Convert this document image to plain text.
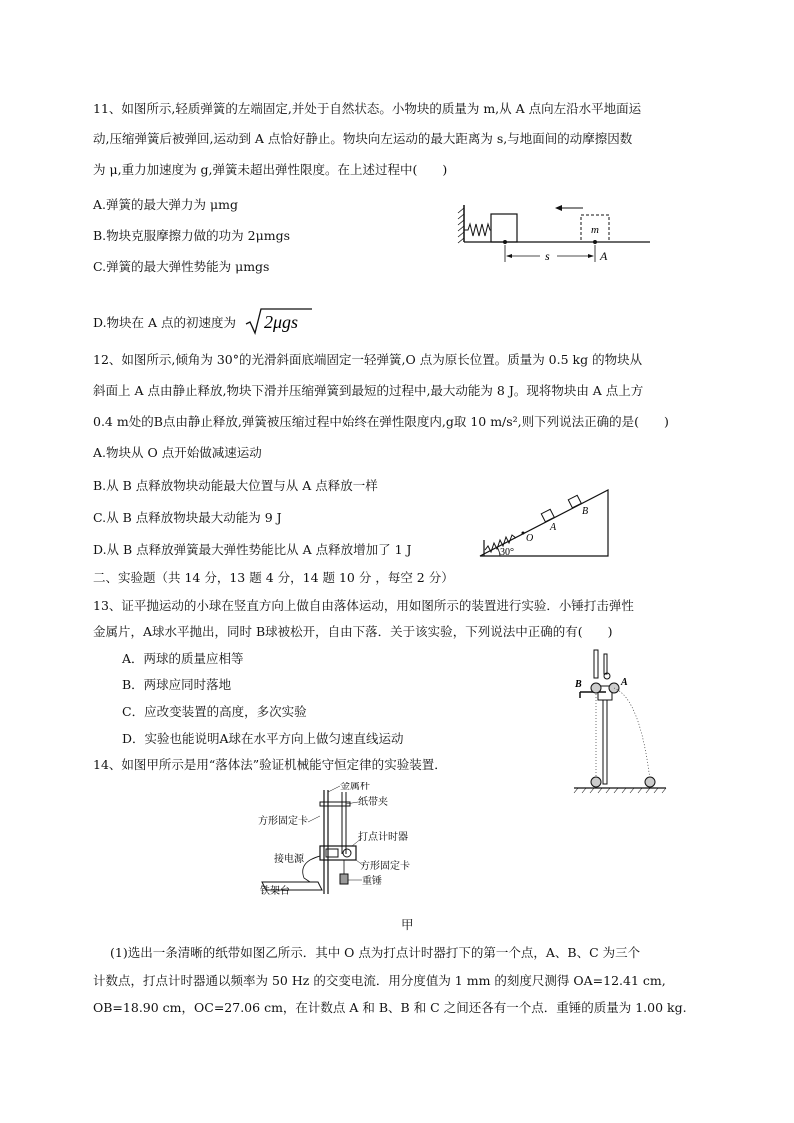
11、如图所示,轻质弹簧的左端固定,并处于自然状态。小物块的质量为 m,从 A 点向左沿水平地面运
动,压缩弹簧后被弹回,运动到 A 点恰好静止。物块向左运动的最大距离为 s,与地面间的动摩擦因数
为 μ,重力加速度为 g,弹簧未超出弹性限度。在上述过程中(　　)
A.弹簧的最大弹力为 μmg
B.物块克服摩擦力做的功为 2μmgs
C.弹簧的最大弹性势能为 μmgs
D.物块在 A 点的初速度为 2μgs
m
s	A
12、如图所示,倾角为 30°的光滑斜面底端固定一轻弹簧,O 点为原长位置。质量为 0.5 kg 的物块从
斜面上 A 点由静止释放,物块下滑并压缩弹簧到最短的过程中,最大动能为 8 J。现将物块由 A 点上方
0.4 m处的B点由静止释放,弹簧被压缩过程中始终在弹性限度内,g取 10 m/s²,则下列说法正确的是(　　)
A.物块从 O 点开始做减速运动
B.从 B 点释放物块动能最大位置与从 A 点释放一样
C.从 B 点释放物块最大动能为 9 J
D.从 B 点释放弹簧最大弹性势能比从 A 点释放增加了 1 J	30°
O
A
B
二、实验题（共 14 分，13 题 4 分，14 题 10 分 ，每空 2 分）
13、证平抛运动的小球在竖直方向上做自由落体运动，用如图所示的装置进行实验．小锤打击弹性
金属片，A球水平抛出，同时 B球被松开，自由下落．关于该实验，下列说法中正确的有(　　)
A．两球的质量应相等
B．两球应同时落地
C．应改变装置的高度，多次实验
D．实验也能说明A球在水平方向上做匀速直线运动
B	A
14、如图甲所示是用“落体法”验证机械能守恒定律的实验装置．
金属杆
纸带夹
方形固定卡
打点计时器
接电源
方形固定卡
重锤
铁架台
甲
(1)选出一条清晰的纸带如图乙所示．其中 O 点为打点计时器打下的第一个点，A、B、C 为三个
计数点，打点计时器通以频率为 50 Hz 的交变电流．用分度值为 1 mm 的刻度尺测得 OA=12.41 cm,
OB=18.90 cm，OC=27.06 cm，在计数点 A 和 B、B 和 C 之间还各有一个点．重锤的质量为 1.00 kg.
